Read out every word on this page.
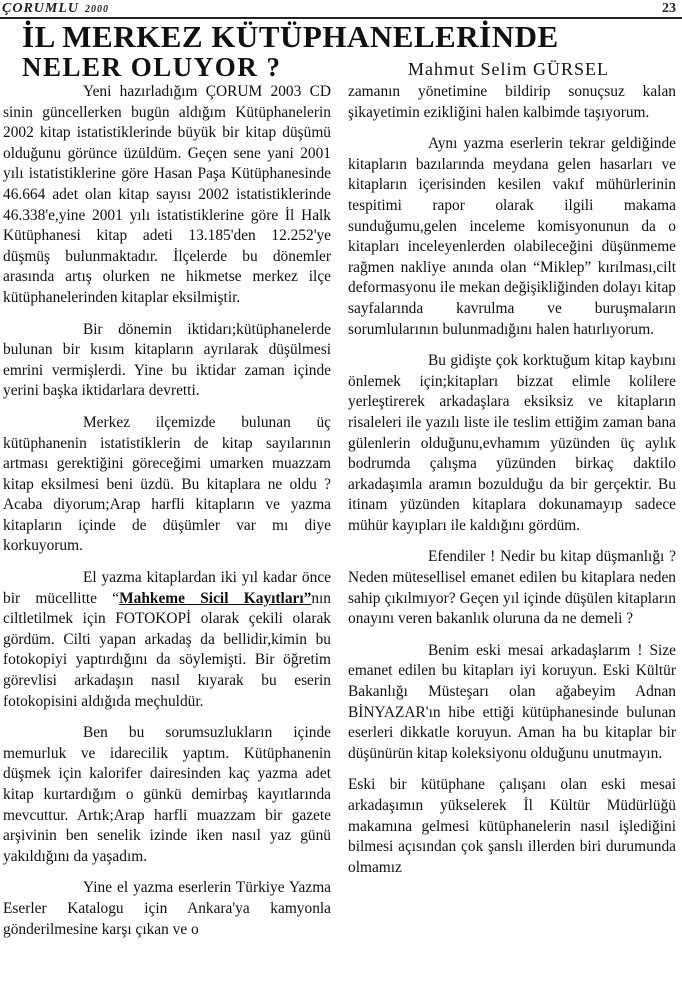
ÇORUMLU 2000	23
İL MERKEZ KÜTÜPHANELERİNDE
NELER OLUYOR ?	Mahmut Selim GÜRSEL

Yeni hazırladığım ÇORUM 2003 CD sinin güncellerken bugün aldığım Kütüphanelerin 2002 kitap istatistiklerinde büyük bir kitap düşümü olduğunu görünce üzüldüm. Geçen sene yani 2001 yılı istatistiklerine göre Hasan Paşa Kütüphanesinde 46.664 adet olan kitap sayısı 2002 istatistiklerinde 46.338'e,yine 2001 yılı istatistiklerine göre İl Halk Kütüphanesi kitap adeti 13.185'den 12.252'ye düşmüş bulunmaktadır. İlçelerde bu dönemler arasında artış olurken ne hikmetse merkez ilçe kütüphanelerinden kitaplar eksilmiştir.

Bir dönemin iktidarı;kütüphanelerde bulunan bir kısım kitapların ayrılarak düşülmesi emrini vermişlerdi. Yine bu iktidar zaman içinde yerini başka iktidarlara devretti.

Merkez ilçemizde bulunan üç kütüphanenin istatistiklerin de kitap sayılarının artması gerektiğini göreceğimi umarken muazzam kitap eksilmesi beni üzdü. Bu kitaplara ne oldu ? Acaba diyorum;Arap harfli kitapların ve yazma kitapların içinde de düşümler var mı diye korkuyorum.

El yazma kitaplardan iki yıl kadar önce bir mücellitte “Mahkeme Sicil Kayıtları”nın ciltletilmek için FOTOKOPİ olarak çekili olarak gördüm. Cilti yapan arkadaş da bellidir,kimin bu fotokopiyi yaptırdığını da söylemişti. Bir öğretim görevlisi arkadaşın nasıl kıyarak bu eserin fotokopisini aldığıda meçhuldür.

Ben bu sorumsuzlukların içinde memurluk ve idarecilik yaptım. Kütüphanenin düşmek için kalorifer dairesinden kaç yazma adet kitap kurtardığım o günkü demirbaş kayıtlarında mevcuttur. Artık;Arap harfli muazzam bir gazete arşivinin ben senelik izinde iken nasıl yaz günü yakıldığını da yaşadım.

Yine el yazma eserlerin Türkiye Yazma Eserler Katalogu için Ankara'ya kamyonla gönderilmesine karşı çıkan ve o

zamanın yönetimine bildirip sonuçsuz kalan şikayetimin ezikliğini halen kalbimde taşıyorum.

Aynı yazma eserlerin tekrar geldiğinde kitapların bazılarında meydana gelen hasarları ve kitapların içerisinden kesilen vakıf mühürlerinin tespitimi rapor olarak ilgili makama sunduğumu,gelen inceleme komisyonunun da o kitapları inceleyenlerden olabileceğini düşünmeme rağmen nakliye anında olan “Miklep” kırılması,cilt deformasyonu ile mekan değişikliğinden dolayı kitap sayfalarında kavrulma ve buruşmaların sorumlularının bulunmadığını halen hatırlıyorum.

Bu gidişte çok korktuğum kitap kaybını önlemek için;kitapları bizzat elimle kolilere yerleştirerek arkadaşlara eksiksiz ve kitapların risaleleri ile yazılı liste ile teslim ettiğim zaman bana gülenlerin olduğunu,evhamım yüzünden üç aylık bodrumda çalışma yüzünden birkaç daktilo arkadaşımla aramın bozulduğu da bir gerçektir. Bu itinam yüzünden kitaplara dokunamayıp sadece mühür kayıpları ile kaldığını gördüm.

Efendiler ! Nedir bu kitap düşmanlığı ? Neden mütesellisel emanet edilen bu kitaplara neden sahip çıkılmıyor? Geçen yıl içinde düşülen kitapların onayını veren bakanlık oluruna da ne demeli ?

Benim eski mesai arkadaşlarım ! Size emanet edilen bu kitapları iyi koruyun. Eski Kültür Bakanlığı Müsteşarı olan ağabeyim Adnan BİNYAZAR'ın hibe ettiği kütüphanesinde bulunan eserleri dikkatle koruyun. Aman ha bu kitaplar bir düşünürün kitap koleksiyonu olduğunu unutmayın.

Eski bir kütüphane çalışanı olan eski mesai arkadaşımın yükselerek İl Kültür Müdürlüğü makamına gelmesi kütüphanelerin nasıl işlediğini bilmesi açısından çok şanslı illerden biri durumunda olmamız
